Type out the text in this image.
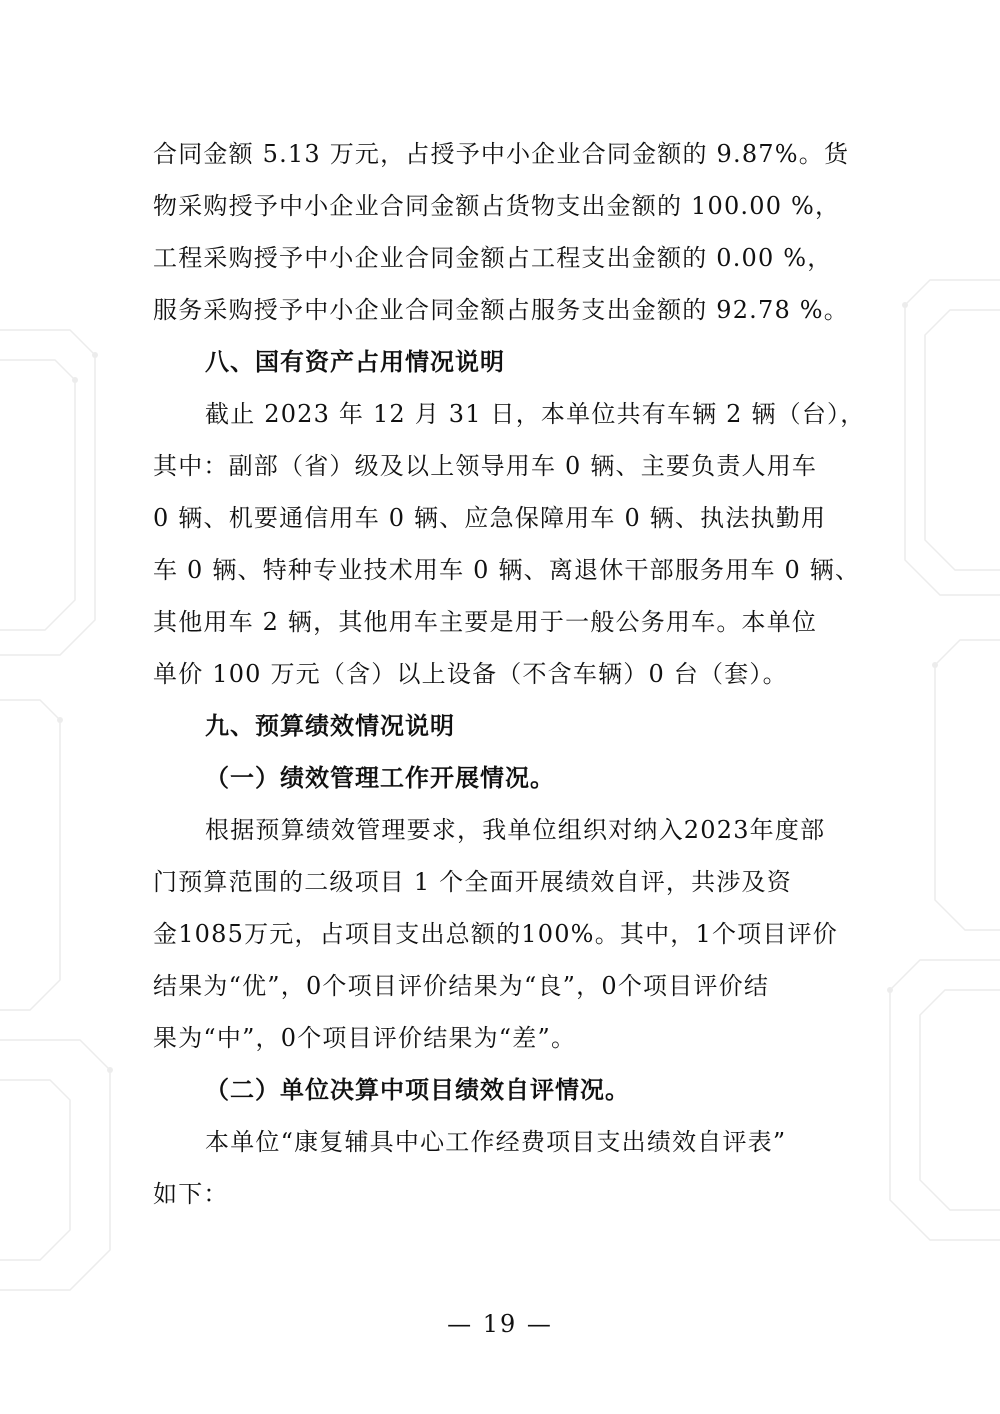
合同金额 5.13 万元，占授予中小企业合同金额的 9.87%。货
物采购授予中小企业合同金额占货物支出金额的 100.00 %，
工程采购授予中小企业合同金额占工程支出金额的 0.00 %，
服务采购授予中小企业合同金额占服务支出金额的 92.78 %。
八、国有资产占用情况说明
截止 2023 年 12 月 31 日，本单位共有车辆 2 辆（台），
其中：副部（省）级及以上领导用车 0 辆、主要负责人用车
0 辆、机要通信用车 0 辆、应急保障用车 0 辆、执法执勤用
车 0 辆、特种专业技术用车 0 辆、离退休干部服务用车 0 辆、
其他用车 2 辆，其他用车主要是用于一般公务用车。本单位
单价 100 万元（含）以上设备（不含车辆）0 台（套）。
九、预算绩效情况说明
（一）绩效管理工作开展情况。
根据预算绩效管理要求，我单位组织对纳入2023年度部
门预算范围的二级项目 1 个全面开展绩效自评，共涉及资
金1085万元，占项目支出总额的100%。其中，1个项目评价
结果为“优”，0个项目评价结果为“良”，0个项目评价结
果为“中”，0个项目评价结果为“差”。
（二）单位决算中项目绩效自评情况。
本单位“康复辅具中心工作经费项目支出绩效自评表”
如下：
— 19 —
